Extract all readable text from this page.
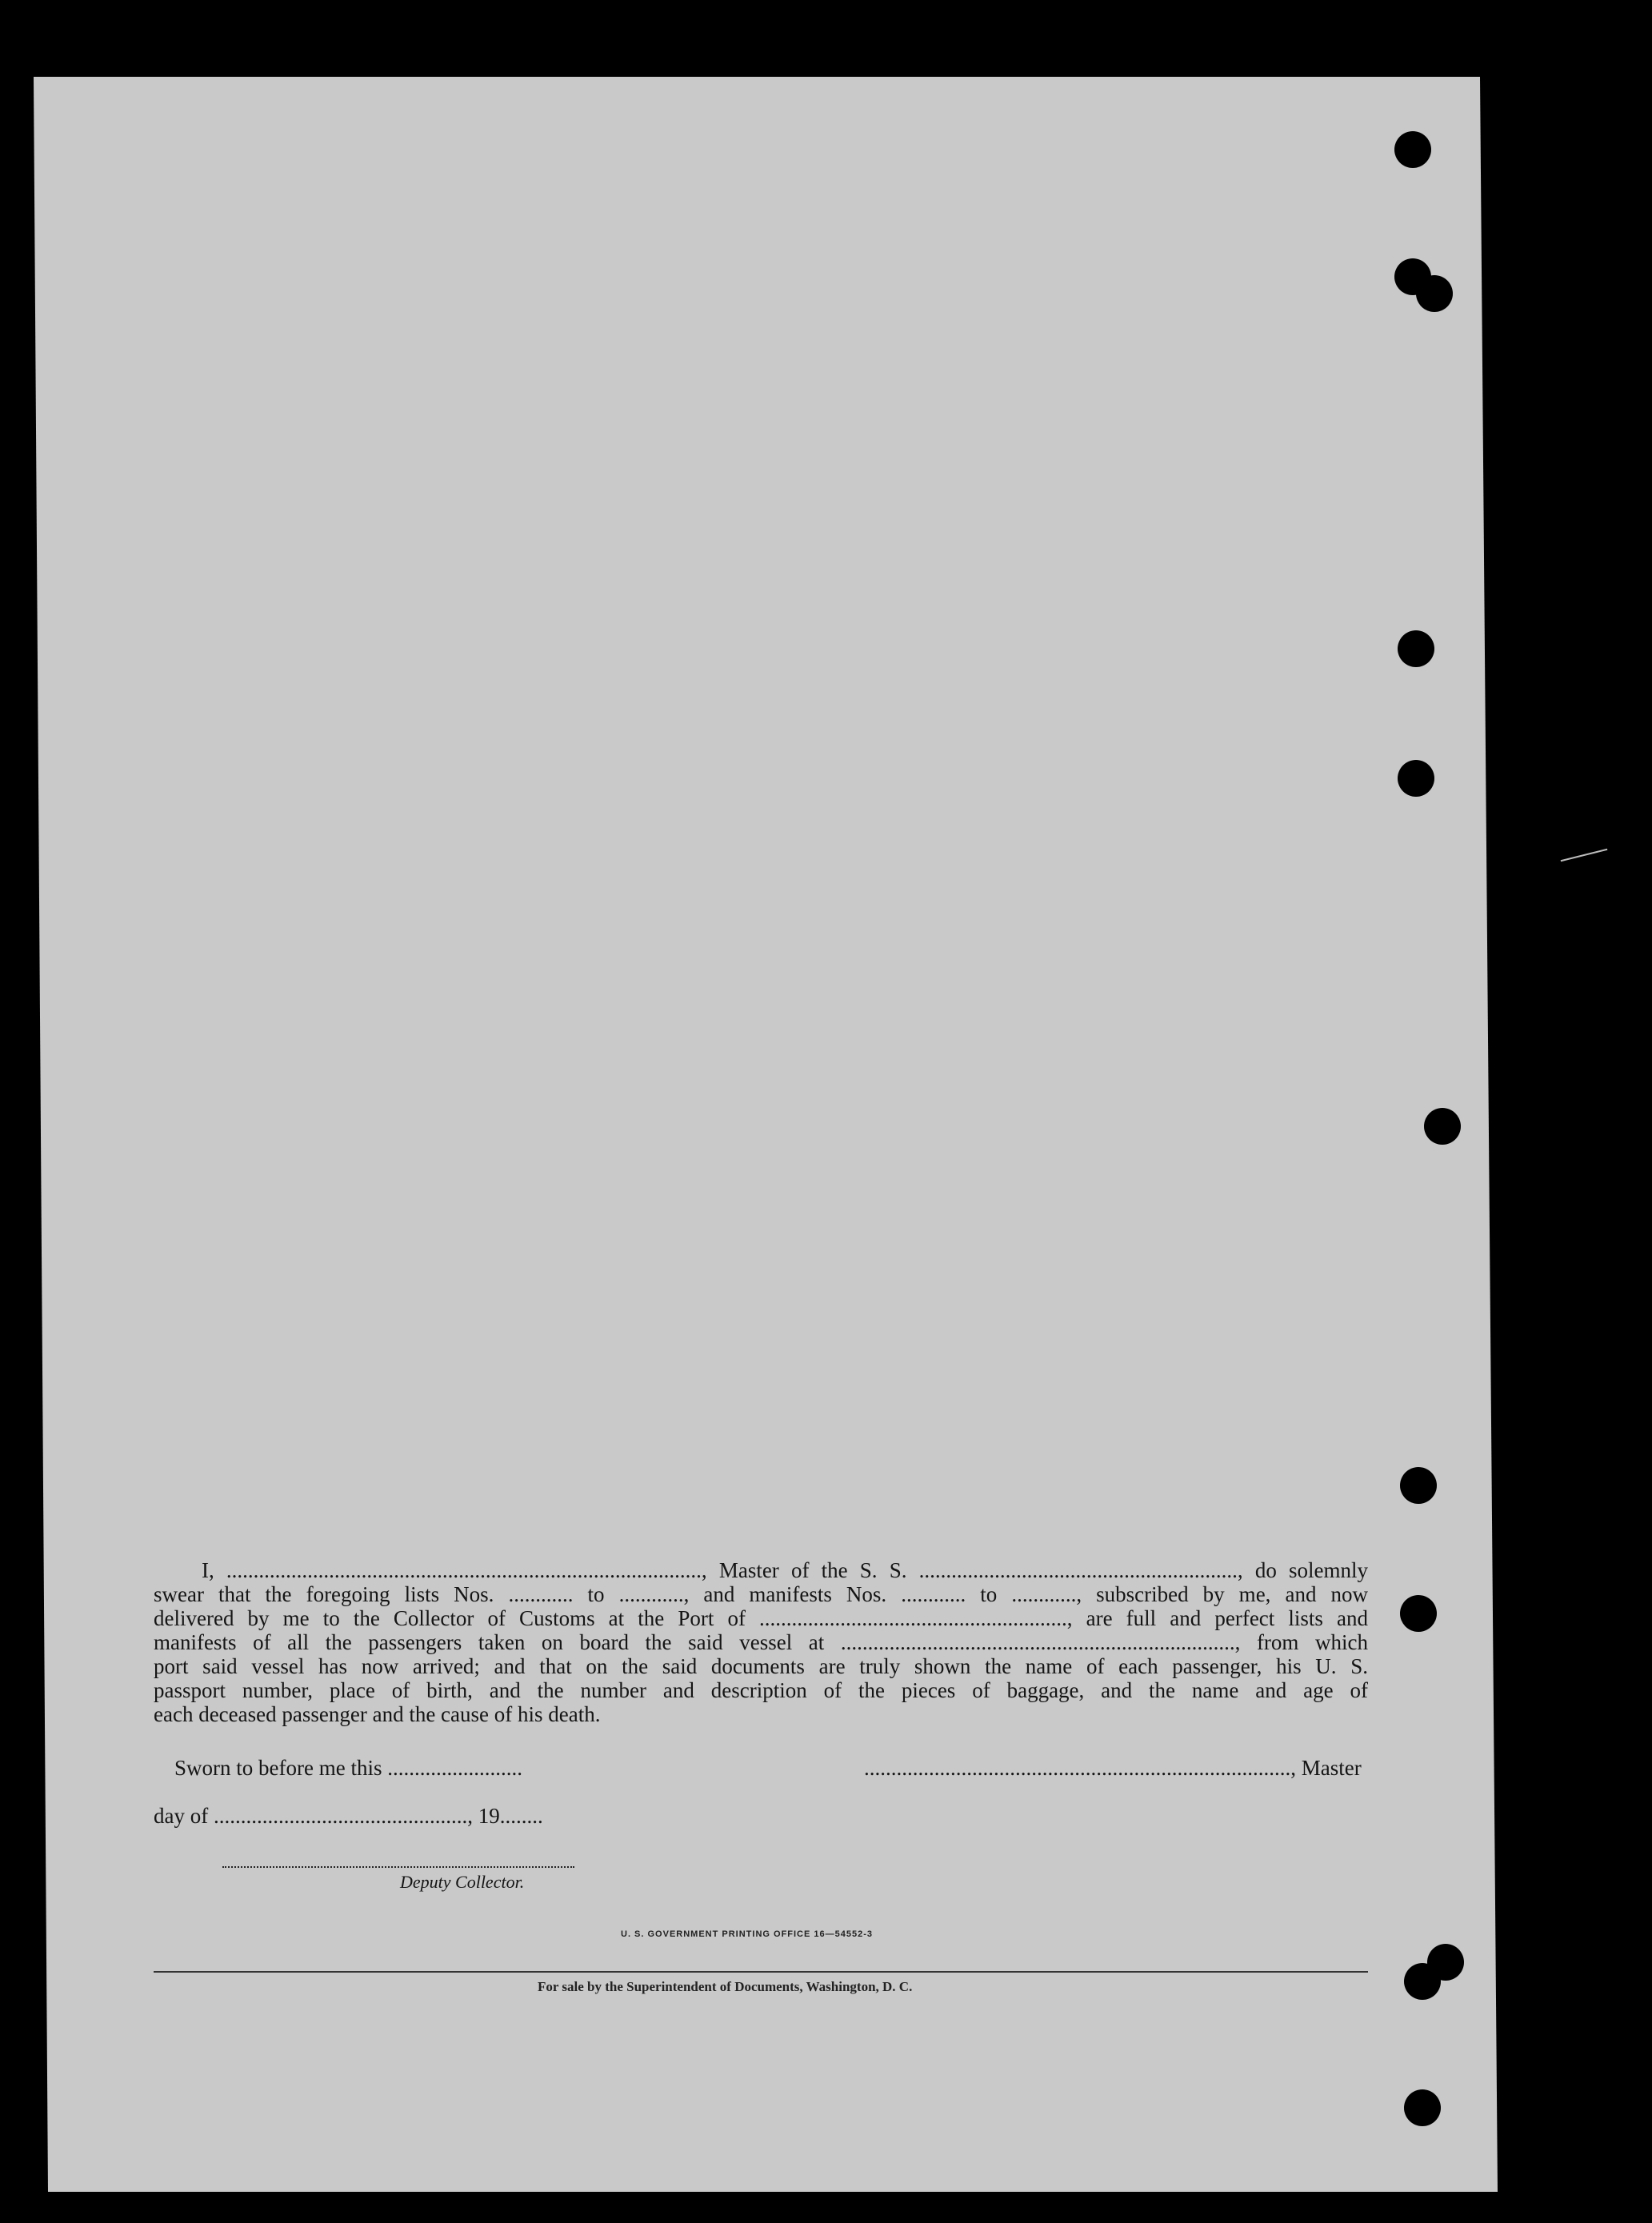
I, ........................................................................................, Master of the S. S. ..........................................................., do solemnly
swear that the foregoing lists Nos. ............ to ............, and manifests Nos. ............ to ............, subscribed by me, and now
delivered by me to the Collector of Customs at the Port of ........................................................., are full and perfect lists and
manifests of all the passengers taken on board the said vessel at ........................................................................., from which
port said vessel has now arrived; and that on the said documents are truly shown the name of each passenger, his U. S.
passport number, place of birth, and the number and description of the pieces of baggage, and the name and age of
each deceased passenger and the cause of his death.
Sworn to before me this .........................	..............................................................................., Master
day of ..............................................., 19........
Deputy Collector.
U. S. GOVERNMENT PRINTING OFFICE 16—54552-3
For sale by the Superintendent of Documents, Washington, D. C.
